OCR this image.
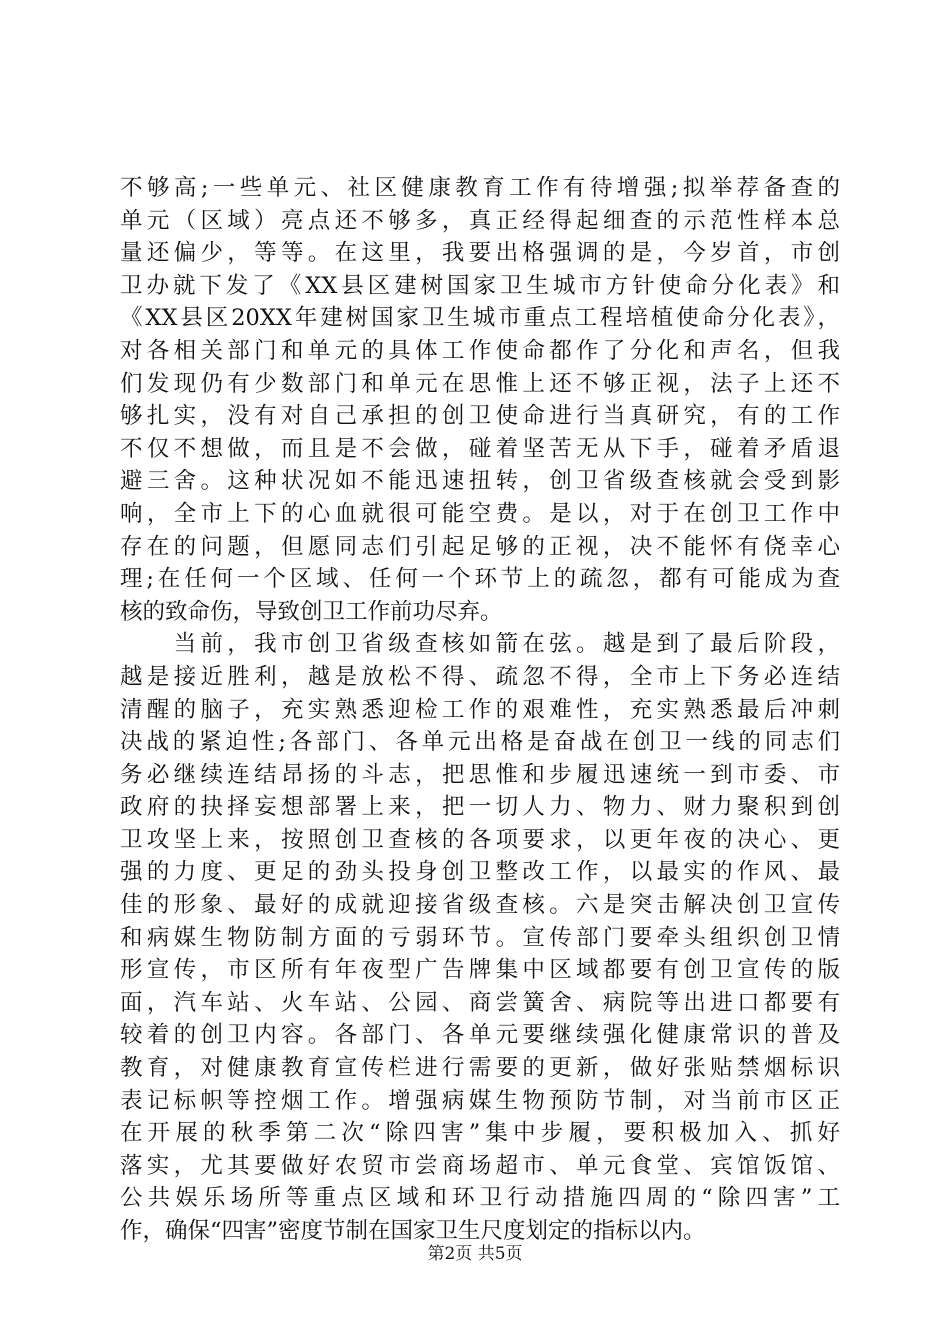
不够高;一些单元、社区健康教育工作有待增强;拟举荐备查的
单元（区域）亮点还不够多，真正经得起细查的示范性样本总
量还偏少，等等。在这里，我要出格强调的是，今岁首，市创
卫办就下发了《XX县区建树国家卫生城市方针使命分化表》和
《XX县区20XX年建树国家卫生城市重点工程培植使命分化表》，
对各相关部门和单元的具体工作使命都作了分化和声名，但我
们发现仍有少数部门和单元在思惟上还不够正视，法子上还不
够扎实，没有对自己承担的创卫使命进行当真研究，有的工作
不仅不想做，而且是不会做，碰着坚苦无从下手，碰着矛盾退
避三舍。这种状况如不能迅速扭转，创卫省级查核就会受到影
响，全市上下的心血就很可能空费。是以，对于在创卫工作中
存在的问题，但愿同志们引起足够的正视，决不能怀有侥幸心
理;在任何一个区域、任何一个环节上的疏忽，都有可能成为查
核的致命伤，导致创卫工作前功尽弃。
　　当前，我市创卫省级查核如箭在弦。越是到了最后阶段，
越是接近胜利，越是放松不得、疏忽不得，全市上下务必连结
清醒的脑子，充实熟悉迎检工作的艰难性，充实熟悉最后冲刺
决战的紧迫性;各部门、各单元出格是奋战在创卫一线的同志们
务必继续连结昂扬的斗志，把思惟和步履迅速统一到市委、市
政府的抉择妄想部署上来，把一切人力、物力、财力聚积到创
卫攻坚上来，按照创卫查核的各项要求，以更年夜的决心、更
强的力度、更足的劲头投身创卫整改工作，以最实的作风、最
佳的形象、最好的成就迎接省级查核。六是突击解决创卫宣传
和病媒生物防制方面的亏弱环节。宣传部门要牵头组织创卫情
形宣传，市区所有年夜型广告牌集中区域都要有创卫宣传的版
面，汽车站、火车站、公园、商尝簧舍、病院等出进口都要有
较着的创卫内容。各部门、各单元要继续强化健康常识的普及
教育，对健康教育宣传栏进行需要的更新，做好张贴禁烟标识
表记标帜等控烟工作。增强病媒生物预防节制，对当前市区正
在开展的秋季第二次“除四害”集中步履，要积极加入、抓好
落实，尤其要做好农贸市尝商场超市、单元食堂、宾馆饭馆、
公共娱乐场所等重点区域和环卫行动措施四周的“除四害”工
作，确保“四害”密度节制在国家卫生尺度划定的指标以内。
第2页 共5页
